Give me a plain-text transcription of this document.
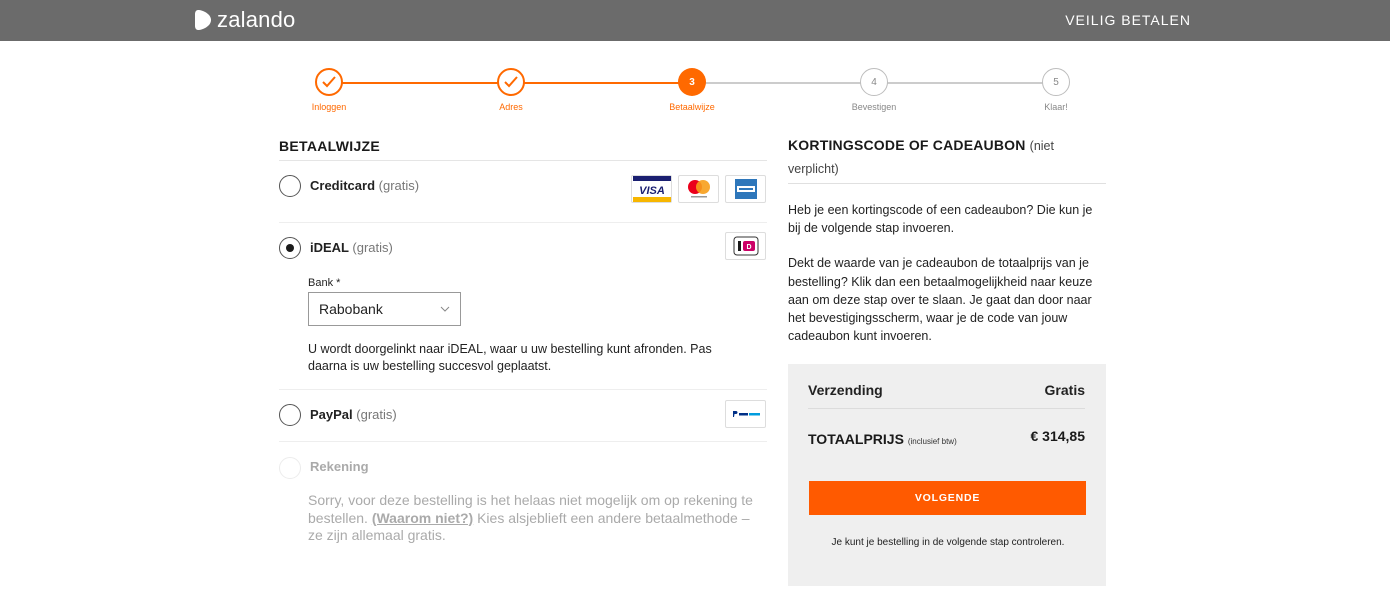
zalando	VEILIG BETALEN
Inloggen	Adres
3
Betaalwijze
4
Bevestigen
5
Klaar!
BETAALWIJZE
Creditcard (gratis)	VISA
iDEAL (gratis)	D
PayPal (gratis)
Rekening
Bank *
Rabobank
U wordt doorgelinkt naar iDEAL, waar u uw bestelling kunt afronden. Pas daarna is uw bestelling succesvol geplaatst.
Sorry, voor deze bestelling is het helaas niet mogelijk om op rekening te bestellen. (Waarom niet?) Kies alsjeblieft een andere betaalmethode – ze zijn allemaal gratis.
KORTINGSCODE OF CADEAUBON (niet verplicht)

Heb je een kortingscode of een cadeaubon? Die kun je bij de volgende stap invoeren.

Dekt de waarde van je cadeaubon de totaalprijs van je bestelling? Klik dan een betaalmogelijkheid naar keuze aan om deze stap over te slaan. Je gaat dan door naar het bevestigingsscherm, waar je de code van jouw cadeaubon kunt invoeren.

Verzending	Gratis
TOTAALPRIJS (inclusief btw)	€ 314,85
VOLGENDE
Je kunt je bestelling in de volgende stap controleren.
